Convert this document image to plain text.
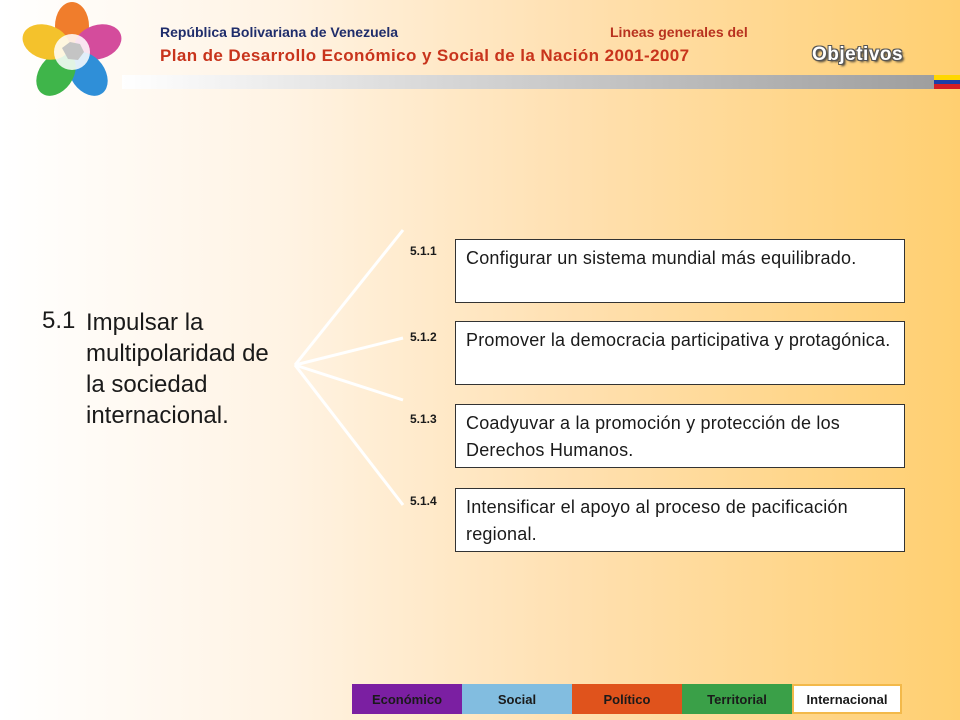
República Bolivariana de Venezuela	Lineas generales del
Plan de Desarrollo Económico y Social de la Nación 2001-2007	Objetivos
5.1 Impulsar la multipolaridad de la sociedad internacional.
5.1.1	Configurar un sistema mundial más equilibrado.
5.1.2	Promover la democracia participativa y protagónica.
5.1.3	Coadyuvar a la promoción y protección de los Derechos Humanos.
5.1.4	Intensificar el apoyo al proceso de pacificación regional.
Económico	Social	Político	Territorial	Internacional
